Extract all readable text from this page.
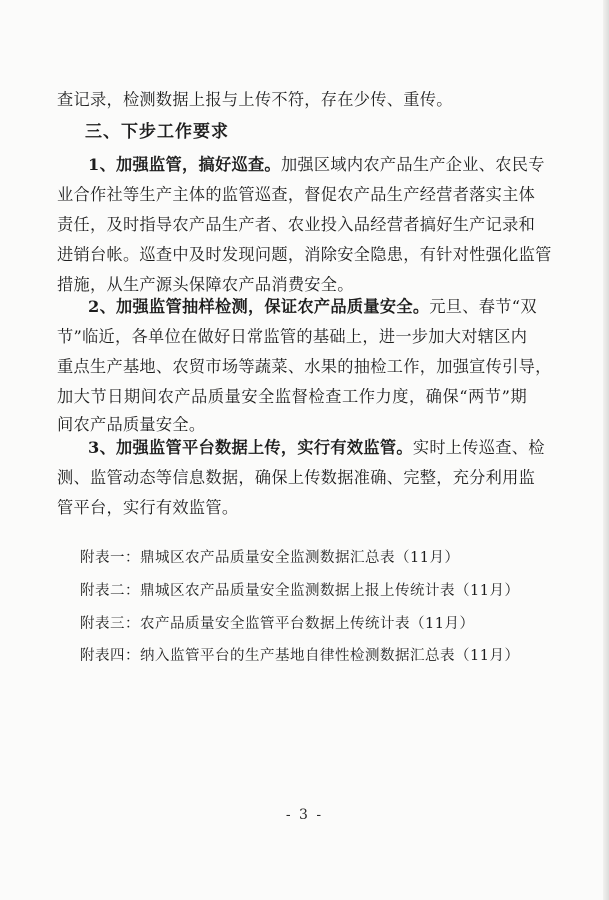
查记录，检测数据上报与上传不符，存在少传、重传。
三、下步工作要求
1、加强监管，搞好巡查。加强区域内农产品生产企业、农民专
业合作社等生产主体的监管巡查，督促农产品生产经营者落实主体
责任，及时指导农产品生产者、农业投入品经营者搞好生产记录和
进销台帐。巡查中及时发现问题，消除安全隐患，有针对性强化监管
措施，从生产源头保障农产品消费安全。
2、加强监管抽样检测，保证农产品质量安全。元旦、春节“双
节”临近，各单位在做好日常监管的基础上，进一步加大对辖区内
重点生产基地、农贸市场等蔬菜、水果的抽检工作，加强宣传引导，
加大节日期间农产品质量安全监督检查工作力度，确保“两节”期
间农产品质量安全。
3、加强监管平台数据上传，实行有效监管。实时上传巡查、检
测、监管动态等信息数据，确保上传数据准确、完整，充分利用监
管平台，实行有效监管。
附表一：鼎城区农产品质量安全监测数据汇总表（11月）
附表二：鼎城区农产品质量安全监测数据上报上传统计表（11月）
附表三：农产品质量安全监管平台数据上传统计表（11月）
附表四：纳入监管平台的生产基地自律性检测数据汇总表（11月）
- 3 -
